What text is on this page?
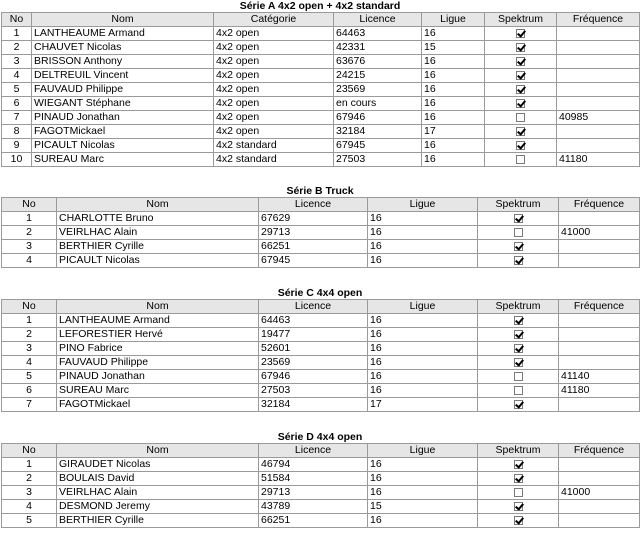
Série A 4x2 open + 4x2 standard
No	Nom	Catégorie	Licence	Ligue	Spektrum	Fréquence
1	LANTHEAUME Armand	4x2 open	64463	16		
2	CHAUVET Nicolas	4x2 open	42331	15		
3	BRISSON Anthony	4x2 open	63676	16		
4	DELTREUIL Vincent	4x2 open	24215	16		
5	FAUVAUD Philippe	4x2 open	23569	16		
6	WIEGANT Stéphane	4x2 open	en cours	16		
7	PINAUD Jonathan	4x2 open	67946	16		40985
8	FAGOTMickael	4x2 open	32184	17		
9	PICAULT Nicolas	4x2 standard	67945	16		
10	SUREAU Marc	4x2 standard	27503	16		41180
Série B Truck
No	Nom	Licence	Ligue	Spektrum	Fréquence
1	CHARLOTTE Bruno	67629	16		
2	VEIRLHAC Alain	29713	16		41000
3	BERTHIER Cyrille	66251	16		
4	PICAULT Nicolas	67945	16		
Série C 4x4 open
No	Nom	Licence	Ligue	Spektrum	Fréquence
1	LANTHEAUME Armand	64463	16		
2	LEFORESTIER Hervé	19477	16		
3	PINO Fabrice	52601	16		
4	FAUVAUD Philippe	23569	16		
5	PINAUD Jonathan	67946	16		41140
6	SUREAU Marc	27503	16		41180
7	FAGOTMickael	32184	17		
Série D 4x4 open
No	Nom	Licence	Ligue	Spektrum	Fréquence
1	GIRAUDET Nicolas	46794	16		
2	BOULAIS David	51584	16		
3	VEIRLHAC Alain	29713	16		41000
4	DESMOND Jeremy	43789	15		
5	BERTHIER Cyrille	66251	16		
